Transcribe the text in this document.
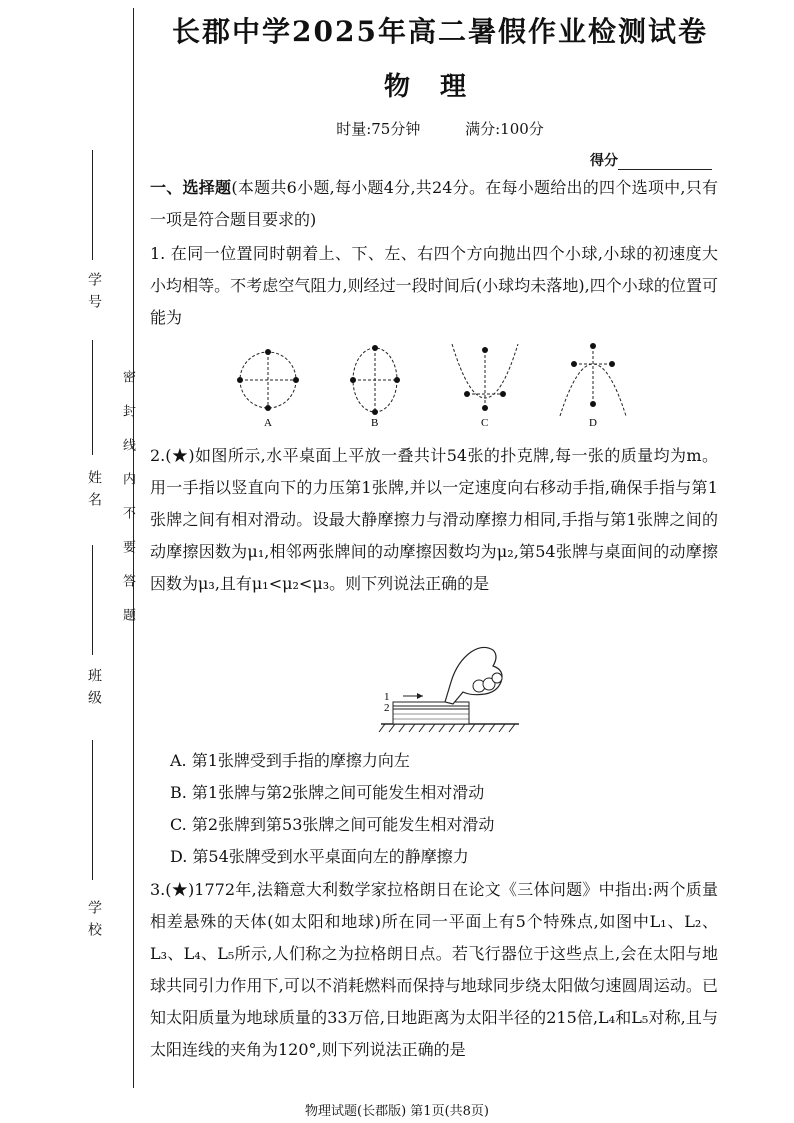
学号
姓名
班级
学校
密封线内不要答题
长郡中学2025年高二暑假作业检测试卷
物理
时量:75分钟	满分:100分
得分
一、选择题(本题共6小题,每小题4分,共24分。在每小题给出的四个选项中,只有一项是符合题目要求的)
1. 在同一位置同时朝着上、下、左、右四个方向抛出四个小球,小球的初速度大小均相等。不考虑空气阻力,则经过一段时间后(小球均未落地),四个小球的位置可能为
A	B	C	D
2.(★)如图所示,水平桌面上平放一叠共计54张的扑克牌,每一张的质量均为m。用一手指以竖直向下的力压第1张牌,并以一定速度向右移动手指,确保手指与第1张牌之间有相对滑动。设最大静摩擦力与滑动摩擦力相同,手指与第1张牌之间的动摩擦因数为μ₁,相邻两张牌间的动摩擦因数均为μ₂,第54张牌与桌面间的动摩擦因数为μ₃,且有μ₁<μ₂<μ₃。则下列说法正确的是
1
2
A. 第1张牌受到手指的摩擦力向左
B. 第1张牌与第2张牌之间可能发生相对滑动
C. 第2张牌到第53张牌之间可能发生相对滑动
D. 第54张牌受到水平桌面向左的静摩擦力
3.(★)1772年,法籍意大利数学家拉格朗日在论文《三体问题》中指出:两个质量相差悬殊的天体(如太阳和地球)所在同一平面上有5个特殊点,如图中L₁、L₂、L₃、L₄、L₅所示,人们称之为拉格朗日点。若飞行器位于这些点上,会在太阳与地球共同引力作用下,可以不消耗燃料而保持与地球同步绕太阳做匀速圆周运动。已知太阳质量为地球质量的33万倍,日地距离为太阳半径的215倍,L₄和L₅对称,且与太阳连线的夹角为120°,则下列说法正确的是
物理试题(长郡版) 第1页(共8页)
